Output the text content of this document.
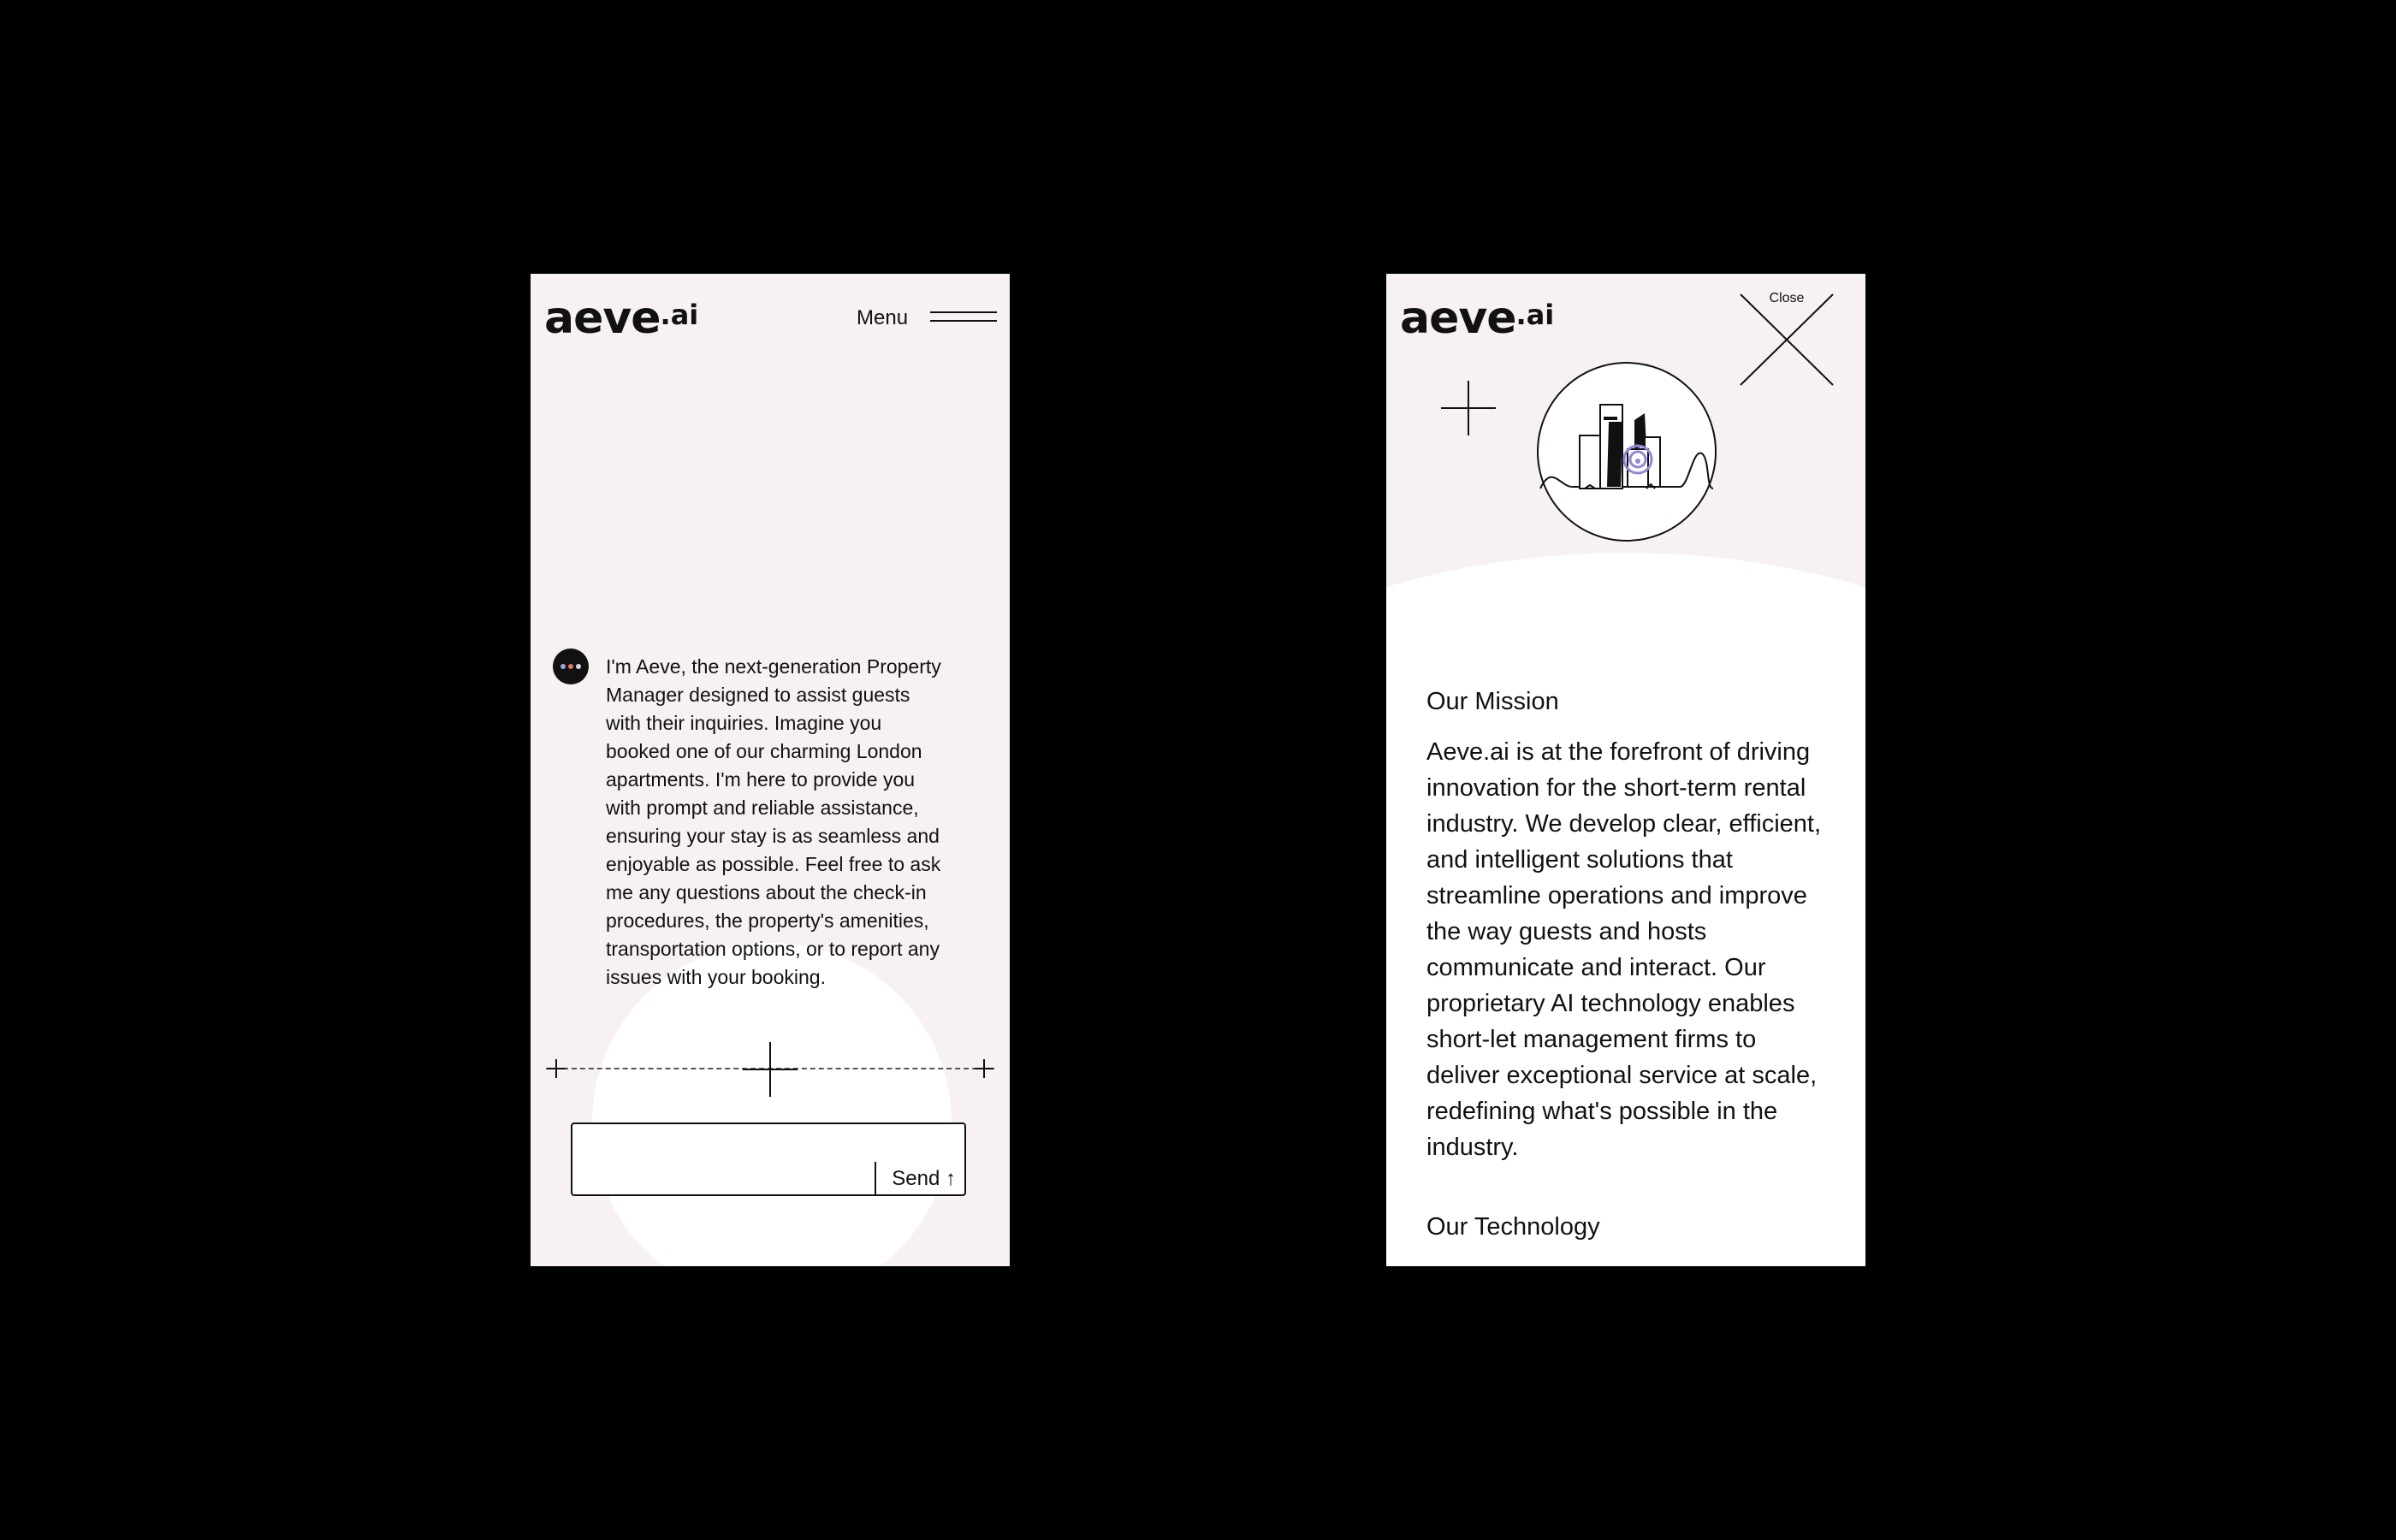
aeve$^{.ai}$	Menu
I'm Aeve, the next-generation Property Manager designed to assist guests with their inquiries. Imagine you booked one of our charming London apartments. I'm here to provide you with prompt and reliable assistance, ensuring your stay is as seamless and enjoyable as possible. Feel free to ask me any questions about the check-in procedures, the property's amenities, transportation options, or to report any issues with your booking.
Send ↑
aeve$^{.ai}$
Close
Our Mission
Aeve.ai is at the forefront of driving innovation for the short-term rental industry. We develop clear, efficient, and intelligent solutions that streamline operations and improve the way guests and hosts communicate and interact. Our proprietary AI technology enables short-let management firms to deliver exceptional service at scale, redefining what's possible in the industry.
Our Technology
